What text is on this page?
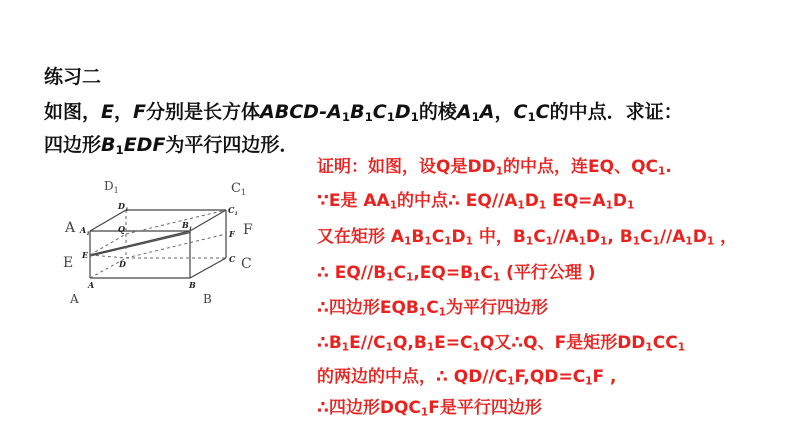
练习二
如图，E，F分别是长方体ABCD-$A_1B_1C_1D_1$的棱$A_1A$，$C_1C$的中点．求证：
四边形$B_1EDF$为平行四边形．
证明：如图，设Q是$DD_1$的中点，连EQ、$QC_1$.
∵E是 $AA_1$的中点∴ $EQ//A_1D_1$ $EQ=A_1D_1$
又在矩形 $A_1B_1C_1D_1$ 中，$B_1C_1//A_1D_1$, $B_1C_1//A_1D_1$ ，
∴ $EQ//B_1C_1,EQ=B_1C_1$ (平行公理 )
∴四边形$EQB_1C_1$为平行四边形
$\therefore B_1E//C_1Q,B_1E=C_1Q$又∴Q、F是矩形$DD_1CC_1$
的两边的中点，∴ $QD//C_1F,QD=C_1F$ ,
∴四边形$DQC_1F$是平行四边形
$D_1$	$C_1$
A	F
E	C
A	B
$D_1$	$C_1$
$A_1$	Q	$B_1$	F
D
E	C
A	B
